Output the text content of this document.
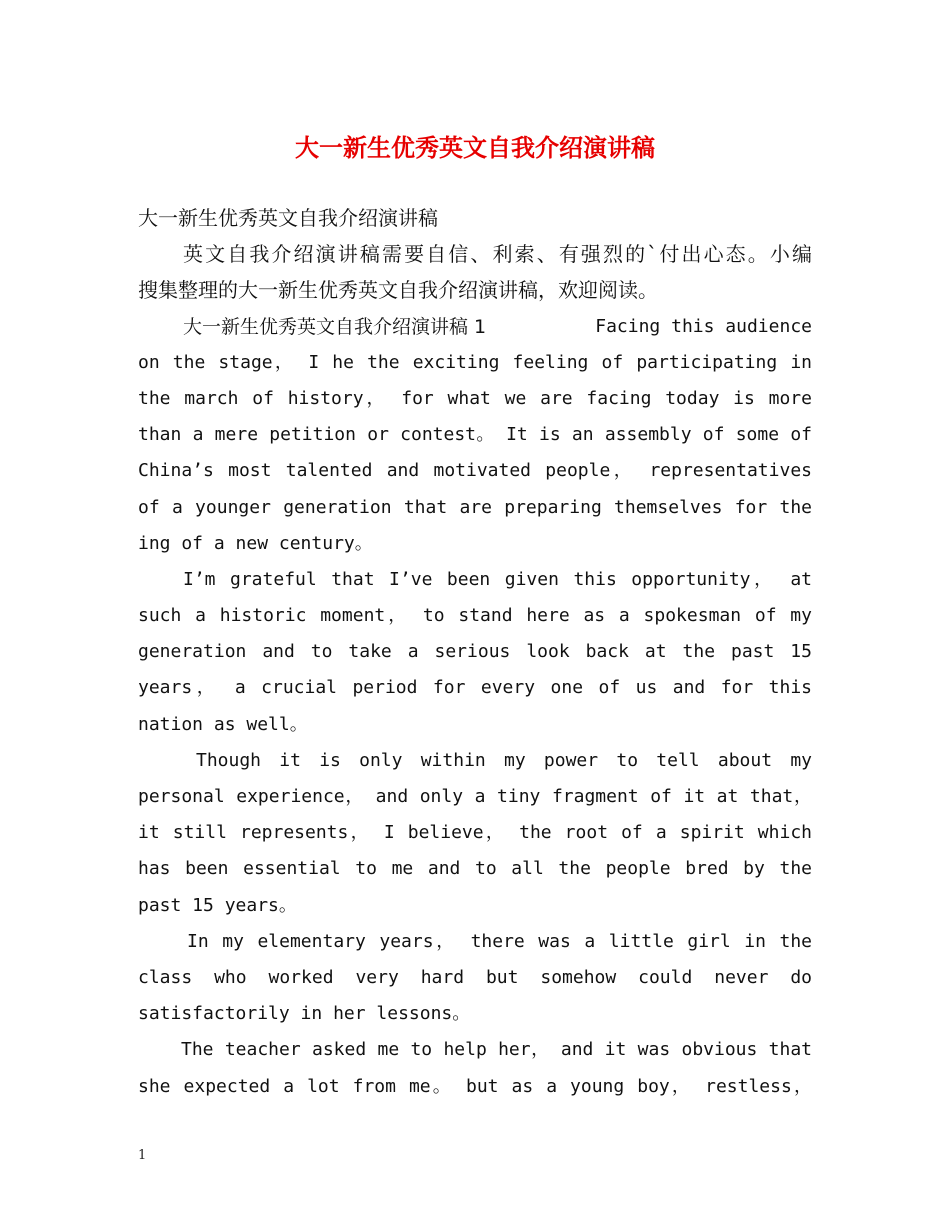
大一新生优秀英文自我介绍演讲稿
大一新生优秀英文自我介绍演讲稿
英文自我介绍演讲稿需要自信、利索、有强烈的`付出心态。小编
搜集整理的大一新生优秀英文自我介绍演讲稿，欢迎阅读。
大一新生优秀英文自我介绍演讲稿 1	Facing this audience
on the stage， I he the exciting feeling of participating in
the march of history， for what we are facing today is more
than a mere petition or contest。 It is an assembly of some of
China’s most talented and motivated people， representatives
of a younger generation that are preparing themselves for the
ing of a new century。
I’m grateful that I’ve been given this opportunity， at
such a historic moment， to stand here as a spokesman of my
generation and to take a serious look back at the past 15
years， a crucial period for every one of us and for this
nation as well。
Though it is only within my power to tell about my
personal experience， and only a tiny fragment of it at that，
it still represents， I believe， the root of a spirit which
has been essential to me and to all the people bred by the
past 15 years。
In my elementary years， there was a little girl in the
class who worked very hard but somehow could never do
satisfactorily in her lessons。
The teacher asked me to help her， and it was obvious that
she expected a lot from me。 but as a young boy， restless，
1
